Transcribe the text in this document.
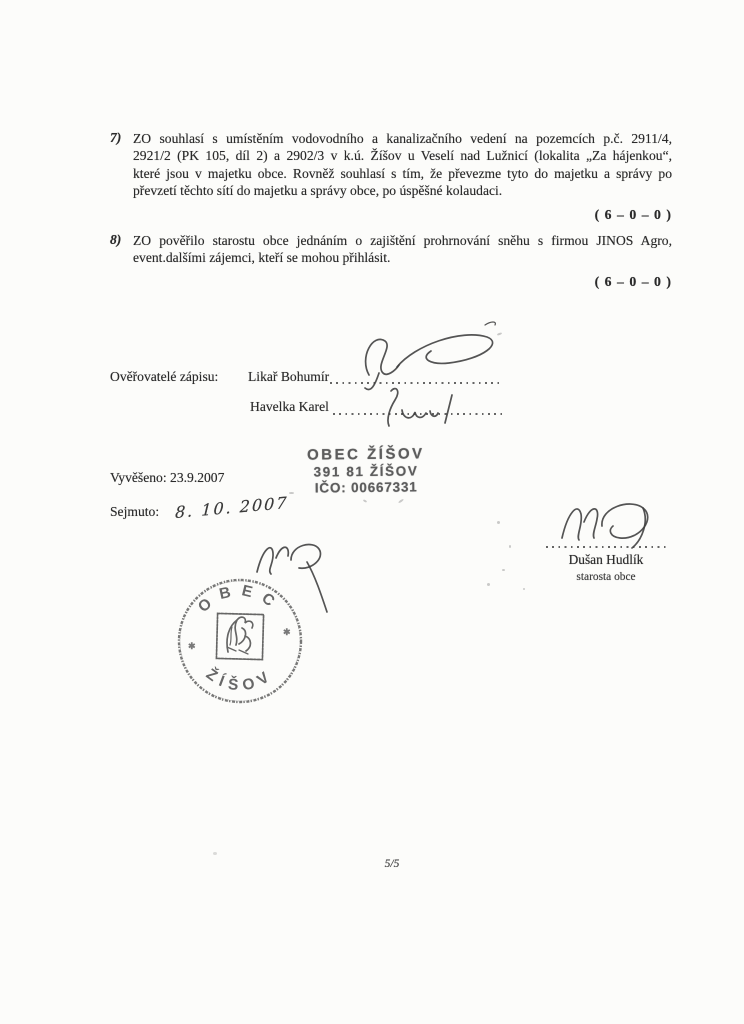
7) ZO souhlasí s umístěním vodovodního a kanalizačního vedení na pozemcích p.č. 2911/4,
2921/2 (PK 105, díl 2) a 2902/3 v k.ú. Žíšov u Veselí nad Lužnicí (lokalita „Za hájenkou“,
které jsou v majetku obce. Rovněž souhlasí s tím, že převezme tyto do majetku a správy po
převzetí těchto sítí do majetku a správy obce, po úspěšné kolaudaci.
( 6 – 0 – 0 )
8) ZO pověřilo starostu obce jednáním o zajištění prohrnování sněhu s firmou JINOS Agro,
event.dalšími zájemci, kteří se mohou přihlásit.
( 6 – 0 – 0 )
Ověřovatelé zápisu: Likař Bohumír
Havelka Karel
Vyvěšeno: 23.9.2007
Sejmuto: 8. 10. 2007
OBEC ŽÍŠOV
391 81 ŽÍŠOV
IČO: 00667331
Dušan Hudlík
starosta obce
OBEC
ŽÍŠOV
✱
✱
5/5
